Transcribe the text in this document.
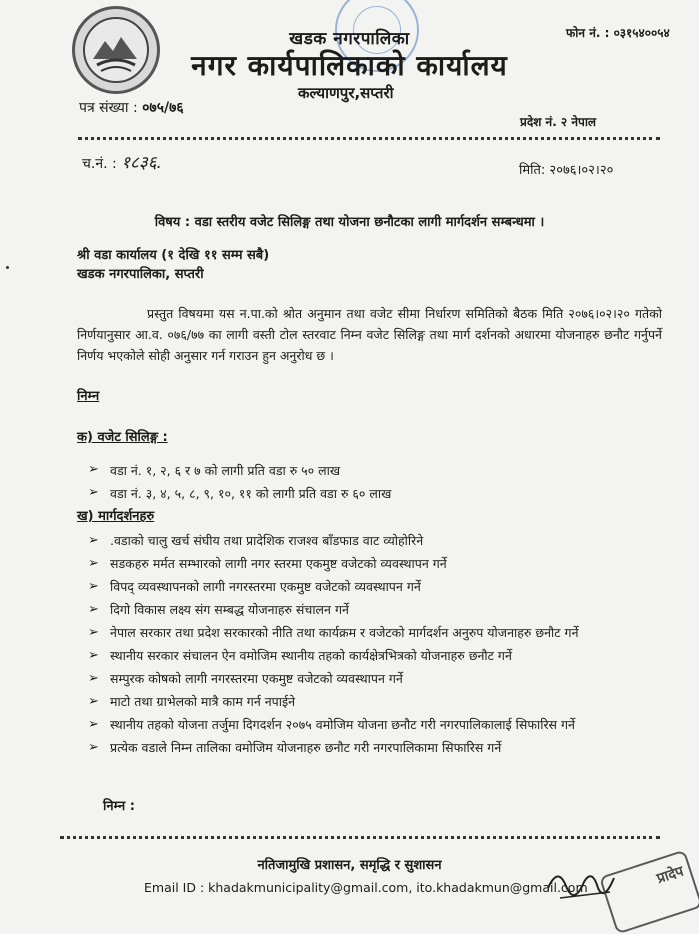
फोन नं. : ०३१५४००५४
खडक नगरपालिका
नगर कार्यपालिकाको कार्यालय
कल्याणपुर,सप्तरी
पत्र संख्या : ०७५/७६
प्रदेश नं. २ नेपाल
च.नं. : १८३६.	मिति: २०७६।०२।२०
विषय : वडा स्तरीय वजेट सिलिङ्ग तथा योजना छनौटका लागी मार्गदर्शन सम्बन्धमा ।
श्री वडा कार्यालय (१ देखि ११ सम्म सबै)
खडक नगरपालिका, सप्तरी
प्रस्तुत विषयमा यस न.पा.को श्रोत अनुमान तथा वजेट सीमा निर्धारण समितिको बैठक मिति २०७६।०२।२० गतेको निर्णयानुसार आ.व. ०७६/७७ का लागी वस्ती टोल स्तरवाट निम्न वजेट सिलिङ्ग तथा मार्ग दर्शनको अधारमा योजनाहरु छनौट गर्नुपर्ने निर्णय भएकोले सोही अनुसार गर्न गराउन हुन अनुरोध छ ।
निम्न
क) वजेट सिलिङ्ग :
➢ वडा नं. १, २, ६ र ७ को लागी प्रति वडा रु ५० लाख
➢ वडा नं. ३, ४, ५, ८, ९, १०, ११ को लागी प्रति वडा रु ६० लाख
ख) मार्गदर्शनहरु
➢ .वडाको चालु खर्च संघीय तथा प्रादेशिक राजश्व बाँडफाड वाट व्योहोरिने
➢ सडकहरु मर्मत सम्भारको लागी नगर स्तरमा एकमुष्ट वजेटको व्यवस्थापन गर्ने
➢ विपद् व्यवस्थापनको लागी नगरस्तरमा एकमुष्ट वजेटको व्यवस्थापन गर्ने
➢ दिगो विकास लक्ष्य संग सम्बद्ध योजनाहरु संचालन गर्ने
➢ नेपाल सरकार तथा प्रदेश सरकारको नीति तथा कार्यक्रम र वजेटको मार्गदर्शन अनुरुप योजनाहरु छनौट गर्ने
➢ स्थानीय सरकार संचालन ऐन वमोजिम स्थानीय तहको कार्यक्षेत्रभित्रको योजनाहरु छनौट गर्ने
➢ सम्पुरक कोषको लागी नगरस्तरमा एकमुष्ट वजेटको व्यवस्थापन गर्ने
➢ माटो तथा ग्राभेलको मात्रै काम गर्न नपाईने
➢ स्थानीय तहको योजना तर्जुमा दिगदर्शन २०७५ वमोजिम योजना छनौट गरी नगरपालिकालाई सिफारिस गर्ने
➢ प्रत्येक वडाले निम्न तालिका वमोजिम योजनाहरु छनौट गरी नगरपालिकामा सिफारिस गर्ने
निम्न :
नतिजामुखि प्रशासन, समृद्धि र सुशासन
Email ID : khadakmunicipality@gmail.com, ito.khadakmun@gmail.com
प्रादेप
